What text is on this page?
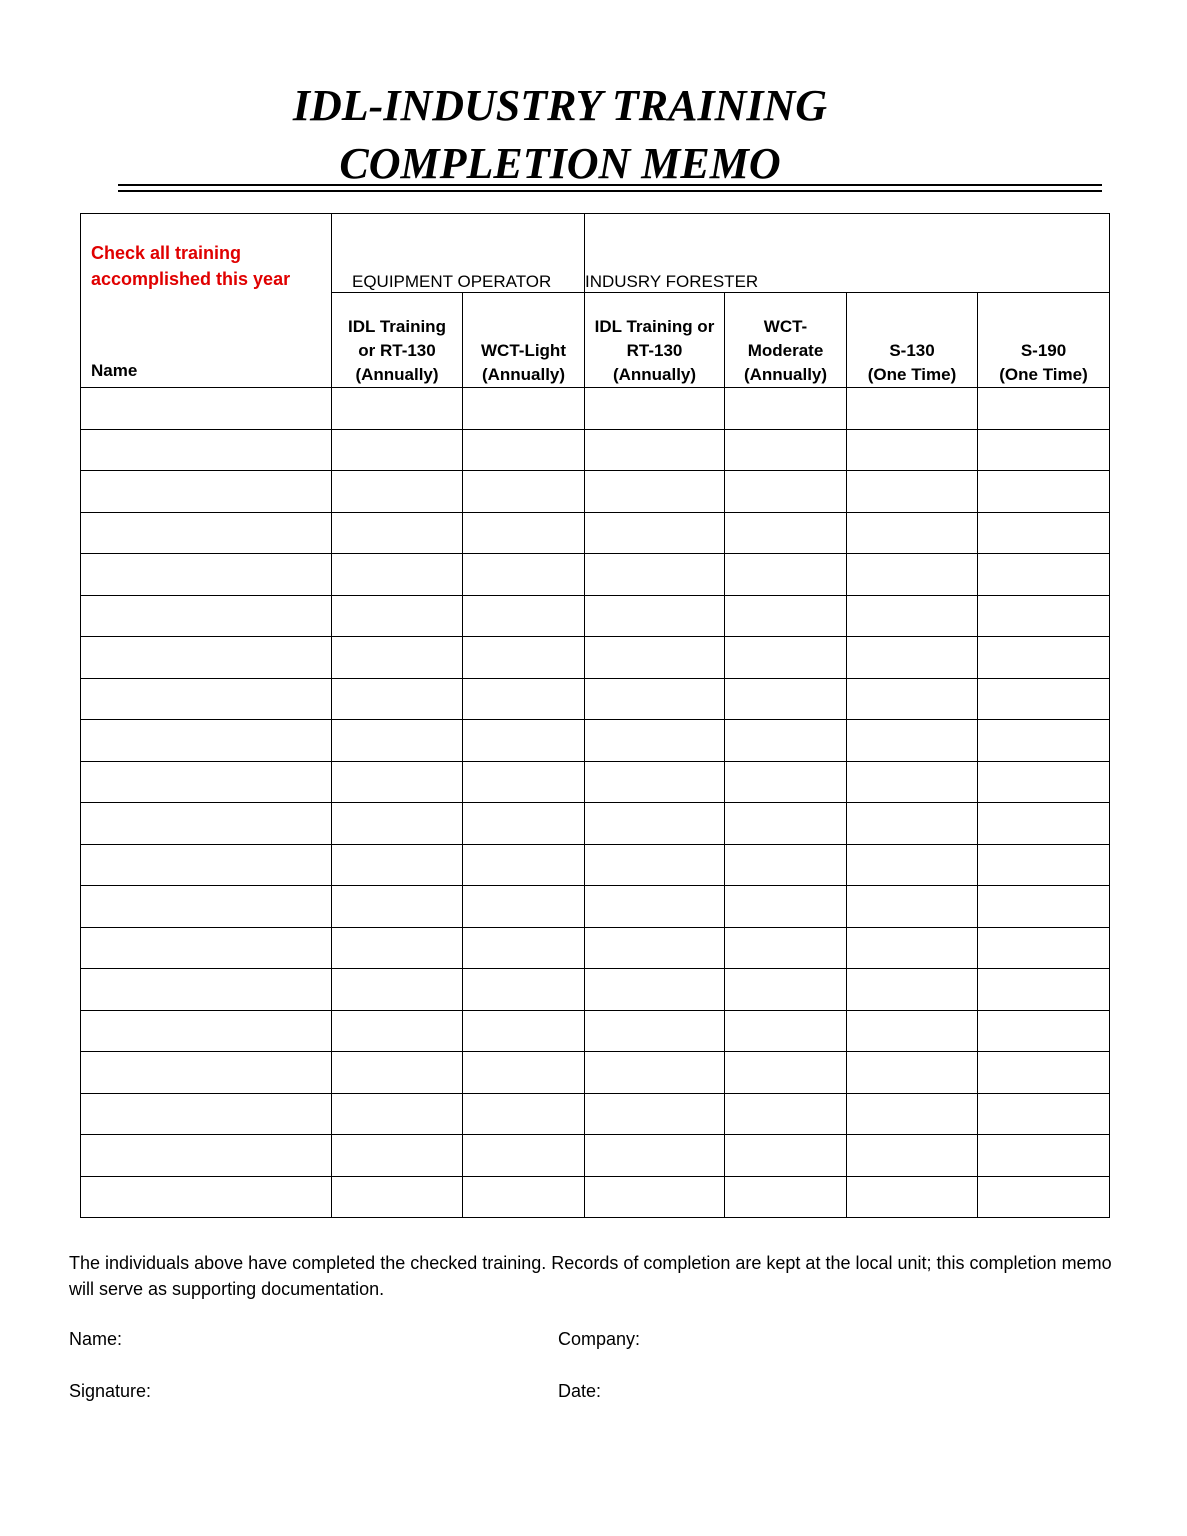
IDL-INDUSTRY TRAINING
COMPLETION MEMO
Check all training
accomplished this year
Name	EQUIPMENT OPERATOR		INDUSRY FORESTER			

	IDL Training
or RT-130
(Annually)	WCT-Light
(Annually)	IDL Training or
RT-130
(Annually)	WCT-
Moderate
(Annually)	S-130
(One Time)	S-190
(One Time)

The individuals above have completed the checked training. Records of completion are kept at the local unit; this completion memo will serve as supporting documentation.

Name:	Company:

Signature:	Date:
